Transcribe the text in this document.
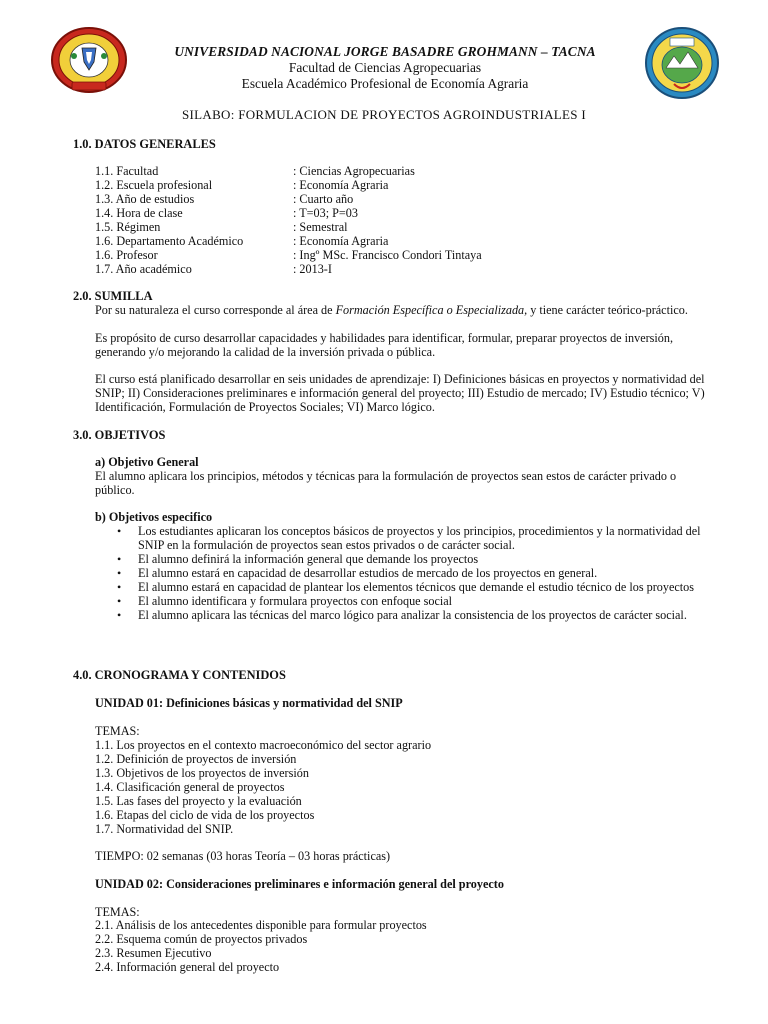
UNIVERSIDAD NACIONAL JORGE BASADRE GROHMANN – TACNA
Facultad de Ciencias Agropecuarias
Escuela Académico Profesional de Economía Agraria
SILABO: FORMULACION DE PROYECTOS AGROINDUSTRIALES I
1.0. DATOS GENERALES
1.1. Facultad	: Ciencias Agropecuarias
1.2. Escuela profesional	: Economía Agraria
1.3. Año de estudios	: Cuarto año
1.4. Hora de clase	: T=03; P=03
1.5. Régimen	: Semestral
1.6. Departamento Académico	: Economía Agraria
1.6. Profesor	: Ingº MSc. Francisco Condori Tintaya
1.7. Año académico	: 2013-I
2.0. SUMILLA
Por su naturaleza el curso corresponde al área de Formación Específica o Especializada, y tiene carácter teórico-práctico.
Es propósito de curso desarrollar capacidades y habilidades para identificar, formular, preparar proyectos de inversión, generando y/o mejorando la calidad de la inversión privada o pública.
El curso está planificado desarrollar en seis unidades de aprendizaje: I) Definiciones básicas en proyectos y normatividad del SNIP; II) Consideraciones preliminares e información general del proyecto; III) Estudio de mercado; IV) Estudio técnico; V) Identificación, Formulación de Proyectos Sociales; VI) Marco lógico.
3.0. OBJETIVOS
a) Objetivo General
El alumno aplicara los principios, métodos y técnicas para la formulación de proyectos sean estos de carácter privado o público.
b) Objetivos especifico
• Los estudiantes aplicaran los conceptos básicos de proyectos y los principios, procedimientos y la normatividad del SNIP en la formulación de proyectos sean estos privados o de carácter social.
• El alumno definirá la información general que demande los proyectos
• El alumno estará en capacidad de desarrollar estudios de mercado de los proyectos en general.
• El alumno estará en capacidad de plantear los elementos técnicos que demande el estudio técnico de los proyectos
• El alumno identificara y formulara proyectos con enfoque social
• El alumno aplicara las técnicas del marco lógico para analizar la consistencia de los proyectos de carácter social.
4.0. CRONOGRAMA Y CONTENIDOS
UNIDAD 01: Definiciones básicas y normatividad del SNIP
TEMAS:
1.1. Los proyectos en el contexto macroeconómico del sector agrario
1.2. Definición de proyectos de inversión
1.3. Objetivos de los proyectos de inversión
1.4. Clasificación general de proyectos
1.5. Las fases del proyecto y la evaluación
1.6. Etapas del ciclo de vida de los proyectos
1.7. Normatividad del SNIP.
TIEMPO: 02 semanas (03 horas Teoría – 03 horas prácticas)
UNIDAD 02: Consideraciones preliminares e información general del proyecto
TEMAS:
2.1. Análisis de los antecedentes disponible para formular proyectos
2.2. Esquema común de proyectos privados
2.3. Resumen Ejecutivo
2.4. Información general del proyecto
